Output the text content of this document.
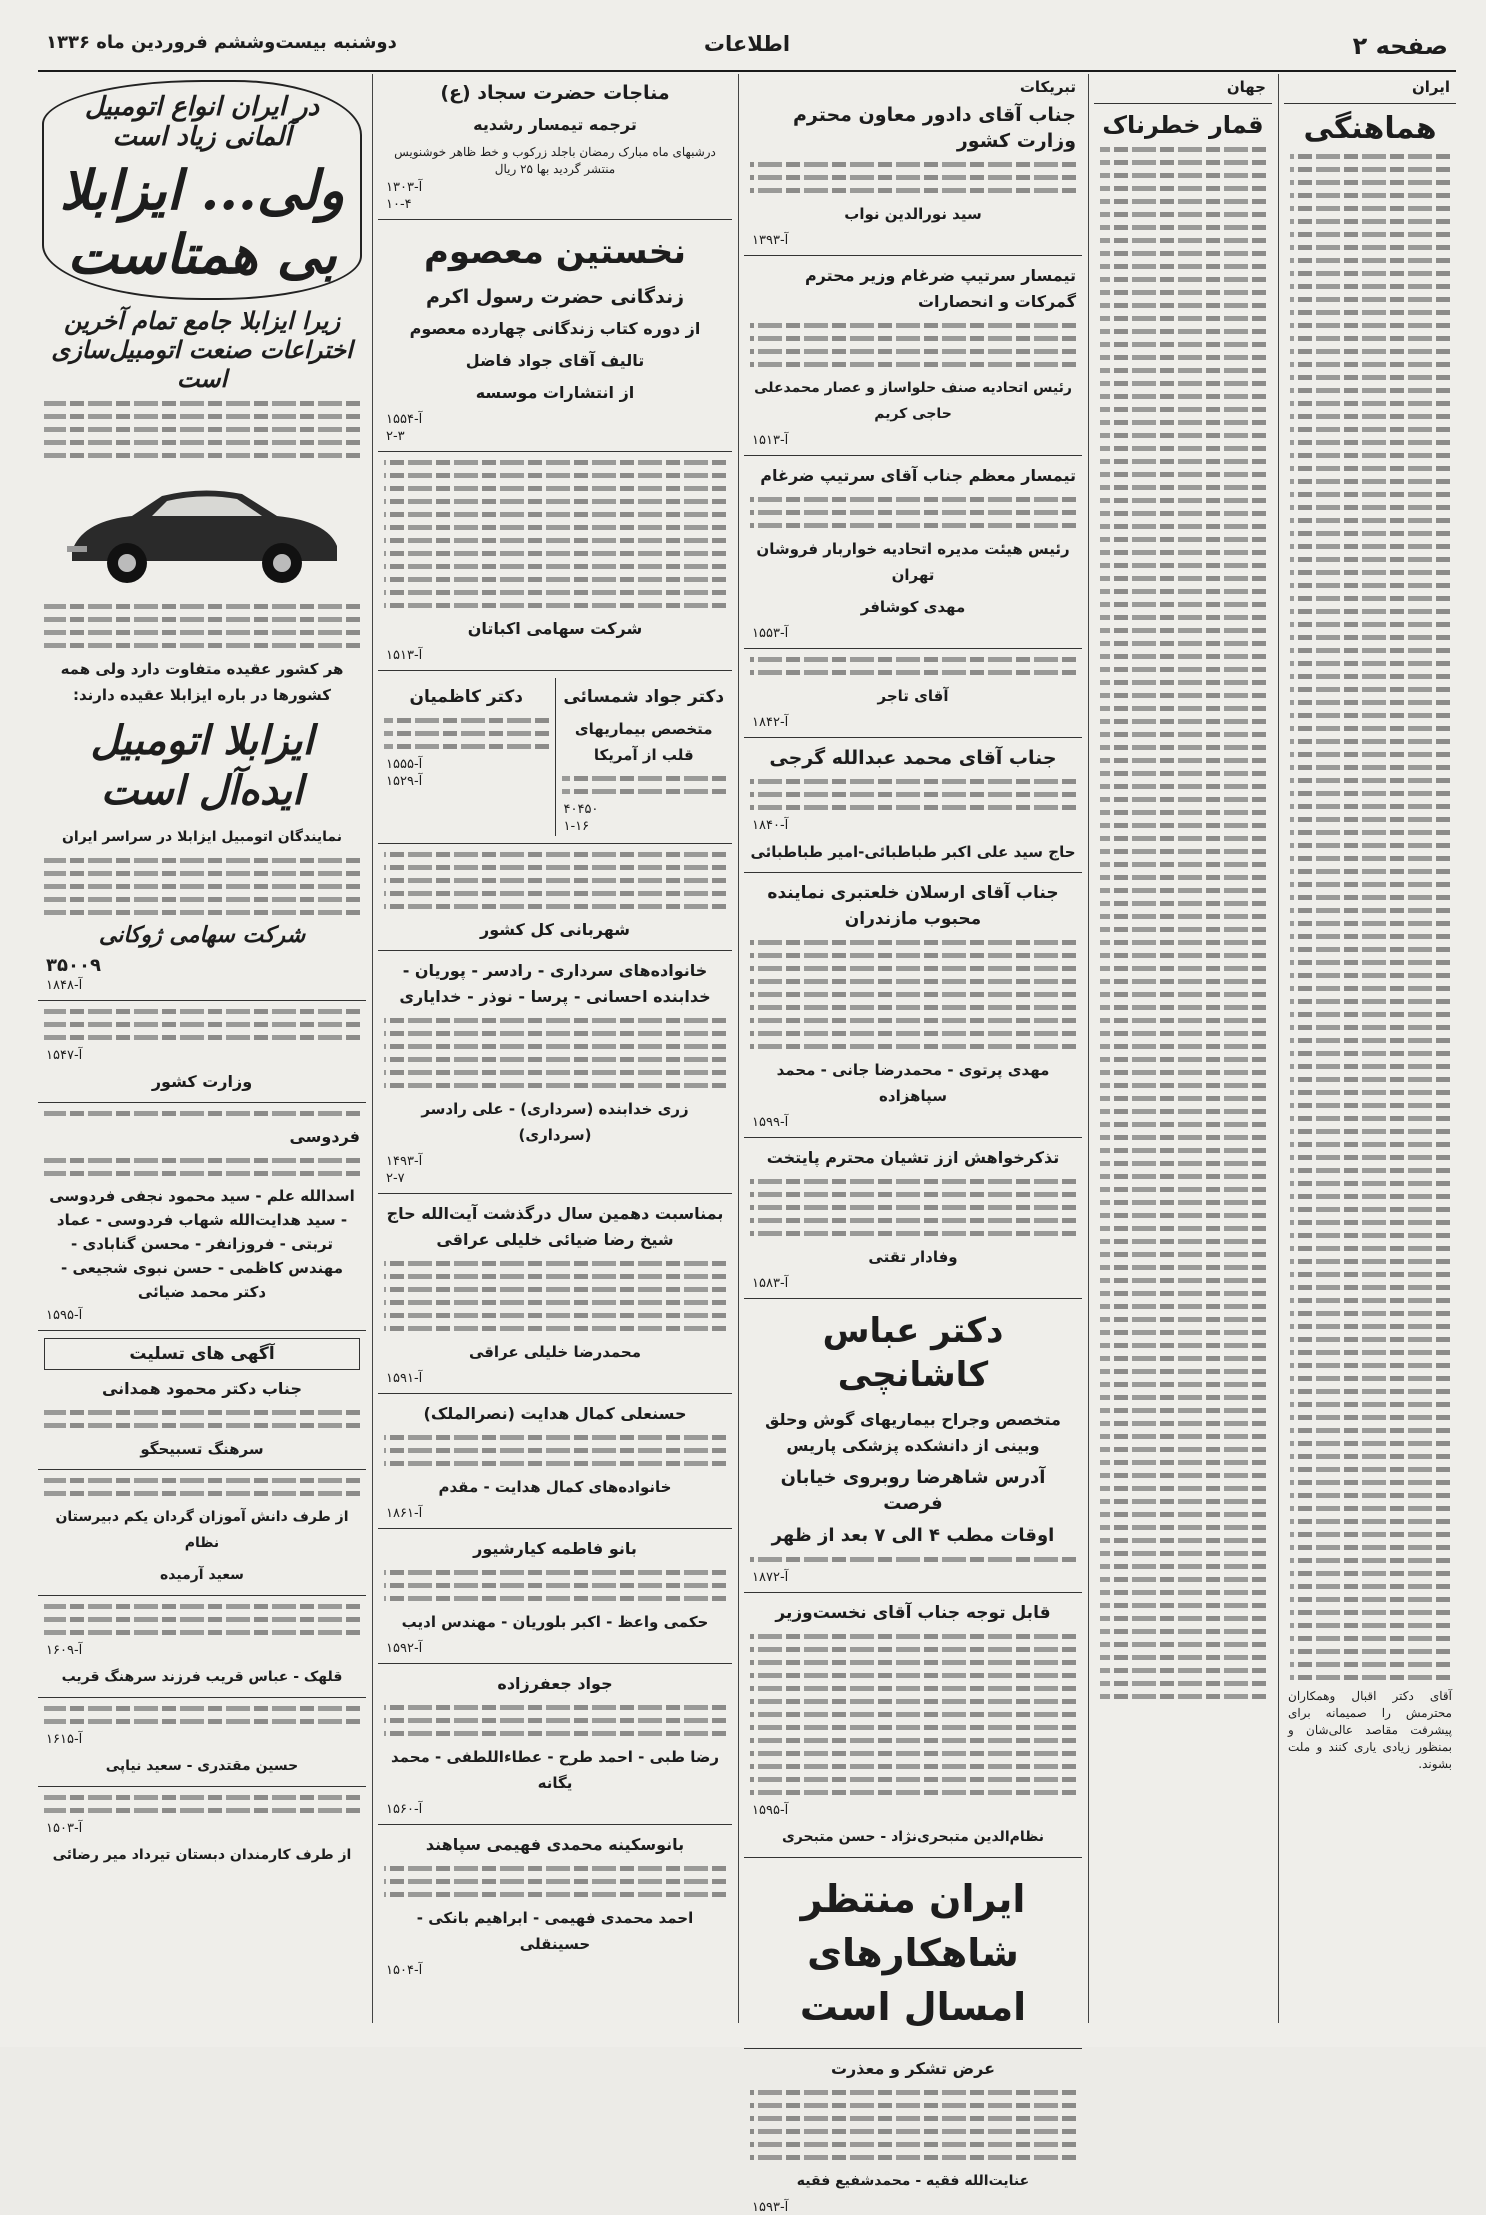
صفحه ۲
اطلاعات
دوشنبه بیست‌وششم فروردین ماه ۱۳۳۶
ایران
هماهنگی
آقای دکتر اقبال وهمکاران محترمش را صمیمانه برای پیشرفت مقاصد عالی‌شان و بمنظور زیادی یاری کنند و ملت بشوند.
جهان
قمار خطرناک
تبریکات
جناب آقای دادور معاون محترم وزارت کشور
سید نورالدین نواب
آ-۱۳۹۳
تیمسار سرتیپ ضرغام وزیر محترم گمرکات و انحصارات
رئیس اتحادیه صنف حلواساز و عصار محمدعلی حاجی کریم
آ-۱۵۱۳
تیمسار معظم جناب آقای سرتیپ ضرغام
رئیس هیئت مدیره اتحادیه خواربار فروشان تهران
مهدی کوشافر
آ-۱۵۵۳
آقای تاجر
آ-۱۸۴۲
جناب آقای محمد عبدالله گرجی
آ-۱۸۴۰
حاج سید علی اکبر طباطبائی-امیر طباطبائی
جناب آقای ارسلان خلعتبری نماینده محبوب مازندران
مهدی پرتوی - محمدرضا جانی - محمد سپاهزاده
آ-۱۵۹۹
تذکرخواهش ازز تشیان محترم پایتخت
وفادار تقتی
آ-۱۵۸۳
دکتر عباس کاشانچی
متخصص وجراح بیماریهای گوش وحلق وبینی از دانشکده پزشکی پاریس
آدرس شاهرضا روبروی خیابان فرصت
اوقات مطب ۴ الی ۷ بعد از ظهر
آ-۱۸۷۲
قابل توجه جناب آقای نخست‌وزیر
آ-۱۵۹۵
نظام‌الدین متبحری‌نژاد - حسن متبحری
ایران منتظر شاهکارهای امسال است
عرض تشکر و معذرت
عنایت‌الله فقیه - محمدشفیع فقیه
آ-۱۵۹۳
مناجات حضرت سجاد (ع)
ترجمه تیمسار رشدیه
درشبهای ماه مبارک رمضان باجلد زرکوب و خط ظاهر خوشنویس منتشر گردید بها ۲۵ ریال
آ-۱۳۰۳
۱۰-۴
نخستین معصوم
زندگانی حضرت رسول اکرم
از دوره کتاب زندگانی چهارده معصوم
تالیف آقای جواد فاضل
از انتشارات موسسه
آ-۱۵۵۴
۲-۳
شرکت سهامی اکباتان
آ-۱۵۱۳
دکتر جواد شمسائی
متخصص بیماریهای قلب از آمریکا
۴۰۴۵۰
۱-۱۶
دکتر کاظمیان
آ-۱۵۵۵
آ-۱۵۲۹
شهربانی کل کشور
خانواده‌های سرداری - رادسر - پوریان - خدابنده احسانی - پرسا - نوذر - خدایاری
زری خدابنده (سرداری) - علی رادسر (سرداری)
آ-۱۴۹۳
۲-۷
بمناسبت دهمین سال درگذشت آیت‌الله حاج شیخ رضا ضیائی خلیلی عراقی
محمدرضا خلیلی عراقی
آ-۱۵۹۱
حسنعلی کمال هدایت (نصرالملک)
خانواده‌های کمال هدایت - مقدم
آ-۱۸۶۱
بانو فاطمه کیارشیور
حکمی واعظ - اکبر بلوریان - مهندس ادیب
آ-۱۵۹۲
جواد جعفرزاده
رضا طبی - احمد طرح - عطاءاللطفی - محمد یگانه
آ-۱۵۶۰
بانوسکینه محمدی فهیمی سپاهند
احمد محمدی فهیمی - ابراهیم بانکی - حسینقلی
آ-۱۵۰۴
در ایران انواع اتومبیل آلمانی زیاد است
ولی... ایزابلا بی همتاست
زیرا ایزابلا جامع تمام آخرین اختراعات صنعت اتومبیل‌سازی است
هر کشور عقیده متفاوت دارد ولی همه کشورها در باره ایزابلا عقیده دارند:
ایزابلا اتومبیل ایده‌آل است
نمایندگان اتومبیل ایزابلا در سراسر ایران
شرکت سهامی ژوکانی
۳۵۰۰۹
آ-۱۸۴۸
آ-۱۵۴۷
وزارت کشور
فردوسی
اسدالله علم - سید محمود نجفی فردوسی - سید هدایت‌الله شهاب فردوسی - عماد تربتی - فروزانفر - محسن گنابادی - مهندس کاظمی - حسن نبوی شجیعی - دکتر محمد ضیائی
آ-۱۵۹۵
آگهی های تسلیت
جناب دکتر محمود همدانی
سرهنگ تسبیحگو
از طرف دانش آموزان گردان یکم دبیرستان نظام
سعید آرمیده
آ-۱۶۰۹
قلهک - عباس قریب فرزند سرهنگ قریب
آ-۱۶۱۵
حسین مقتدری - سعید نیاپی
آ-۱۵۰۳
از طرف کارمندان دبستان تیرداد میر رضائی
